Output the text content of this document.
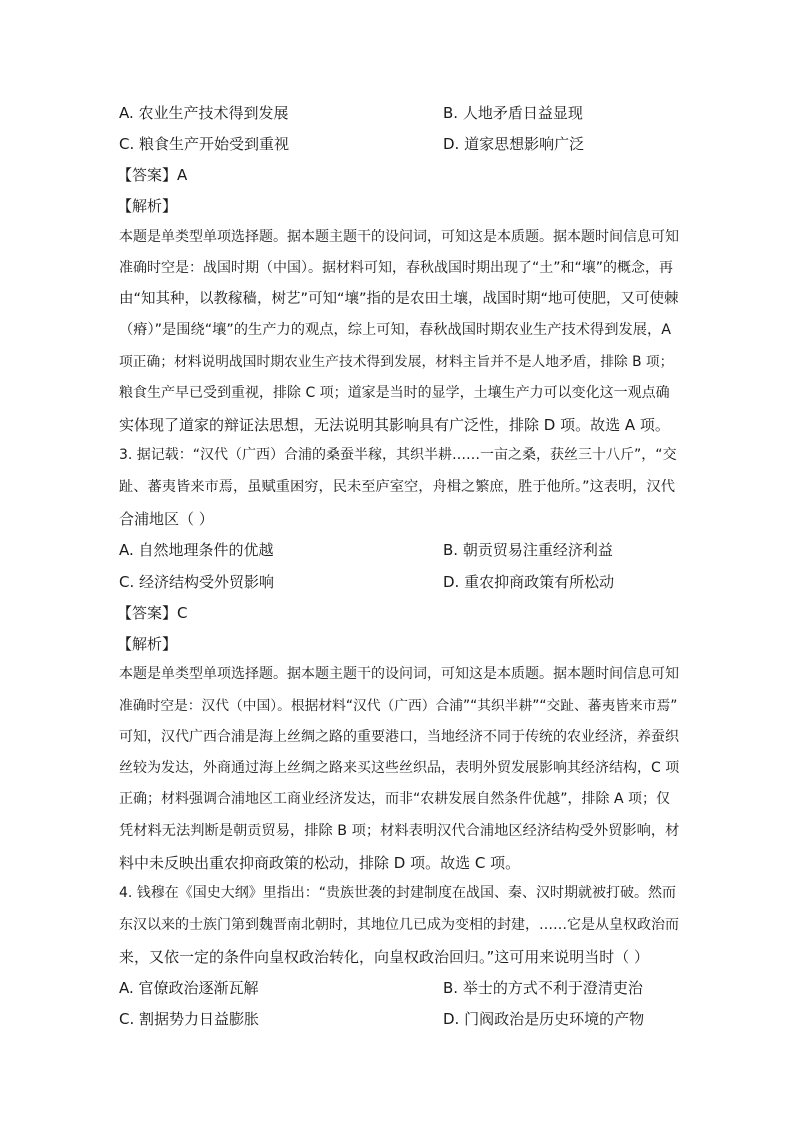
A. 农业生产技术得到发展	B. 人地矛盾日益显现
C. 粮食生产开始受到重视	D. 道家思想影响广泛
【答案】A
【解析】
本题是单类型单项选择题。据本题主题干的设问词，可知这是本质题。据本题时间信息可知
准确时空是：战国时期（中国）。据材料可知，春秋战国时期出现了“土”和“壤”的概念，再
由“知其种，以教稼穑，树艺”可知“壤”指的是农田土壤，战国时期“地可使肥，又可使棘
（瘠）”是围绕“壤”的生产力的观点，综上可知，春秋战国时期农业生产技术得到发展，A
项正确；材料说明战国时期农业生产技术得到发展，材料主旨并不是人地矛盾，排除 B 项；
粮食生产早已受到重视，排除 C 项；道家是当时的显学，土壤生产力可以变化这一观点确
实体现了道家的辩证法思想，无法说明其影响具有广泛性，排除 D 项。故选 A 项。
3. 据记载：“汉代（广西）合浦的桑蚕半稼，其织半耕……一亩之桑，获丝三十八斤”，“交
趾、蕃夷皆来市焉，虽赋重困穷，民未至庐室空，舟楫之繁庶，胜于他所。”这表明，汉代
合浦地区（ ）
A. 自然地理条件的优越	B. 朝贡贸易注重经济利益
C. 经济结构受外贸影响	D. 重农抑商政策有所松动
【答案】C
【解析】
本题是单类型单项选择题。据本题主题干的设问词，可知这是本质题。据本题时间信息可知
准确时空是：汉代（中国）。根据材料“汉代（广西）合浦”“其织半耕”“交趾、蕃夷皆来市焉”
可知，汉代广西合浦是海上丝绸之路的重要港口，当地经济不同于传统的农业经济，养蚕织
丝较为发达，外商通过海上丝绸之路来买这些丝织品，表明外贸发展影响其经济结构，C 项
正确；材料强调合浦地区工商业经济发达，而非“农耕发展自然条件优越”，排除 A 项；仅
凭材料无法判断是朝贡贸易，排除 B 项；材料表明汉代合浦地区经济结构受外贸影响，材
料中未反映出重农抑商政策的松动，排除 D 项。故选 C 项。
4. 钱穆在《国史大纲》里指出：“贵族世袭的封建制度在战国、秦、汉时期就被打破。然而
东汉以来的士族门第到魏晋南北朝时，其地位几已成为变相的封建，……它是从皇权政治而
来，又依一定的条件向皇权政治转化，向皇权政治回归。”这可用来说明当时（ ）
A. 官僚政治逐渐瓦解	B. 举士的方式不利于澄清吏治
C. 割据势力日益膨胀	D. 门阀政治是历史环境的产物
